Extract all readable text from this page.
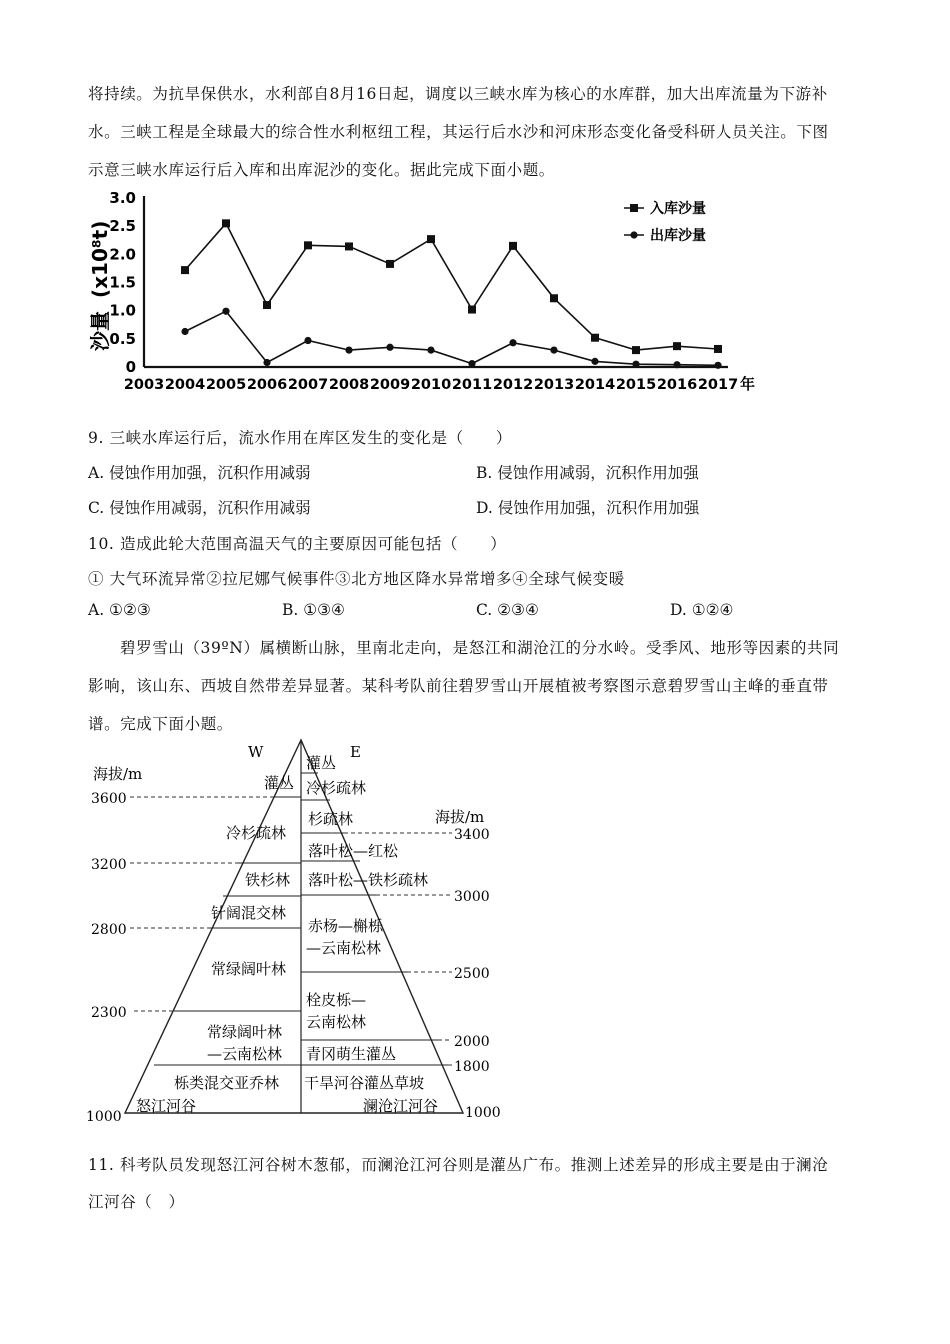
将持续。为抗旱保供水，水利部自8月16日起，调度以三峡水库为核心的水库群，加大出库流量为下游补
水。三峡工程是全球最大的综合性水利枢纽工程，其运行后水沙和河床形态变化备受科研人员关注。下图
示意三峡水库运行后入库和出库泥沙的变化。据此完成下面小题。
3.0
2.5
2.0
1.5
1.0
0.5
0
2003 2004 2005 2006 2007 2008 2009 2010 2011 2012 2013 2014 2015 2016 2017 年
沙量
(x10⁸t)
入库沙量
出库沙量
9. 三峡水库运行后，流水作用在库区发生的变化是（　　）
A. 侵蚀作用加强，沉积作用减弱	B. 侵蚀作用减弱，沉积作用加强
C. 侵蚀作用减弱，沉积作用减弱	D. 侵蚀作用加强，沉积作用加强
10. 造成此轮大范围高温天气的主要原因可能包括（　　）
① 大气环流异常②拉尼娜气候事件③北方地区降水异常增多④全球气候变暖
A. ①②③	B. ①③④	C. ②③④	D. ①②④
碧罗雪山（39ºN）属横断山脉，里南北走向，是怒江和湖沧江的分水岭。受季风、地形等因素的共同
影响，该山东、西坡自然带差异显著。某科考队前往碧罗雪山开展植被考察图示意碧罗雪山主峰的垂直带
谱。完成下面小题。
W	E
海拔/m
海拔/m
3600
3200
2800
2300
1000
3400
3000
2500
2000
1800
1000
灌丛
冷杉疏林
铁杉林
针阔混交林
常绿阔叶林
常绿阔叶林
—云南松林
栎类混交亚乔林
怒江河谷
灌丛
冷杉疏林
杉疏林
落叶松—红松
落叶松—铁杉疏林
赤杨—槲栎
—云南松林
栓皮栎—
云南松林
青冈萌生灌丛
干旱河谷灌丛草坡
澜沧江河谷
11. 科考队员发现怒江河谷树木葱郁，而澜沧江河谷则是灌丛广布。推测上述差异的形成主要是由于澜沧
江河谷（　）
